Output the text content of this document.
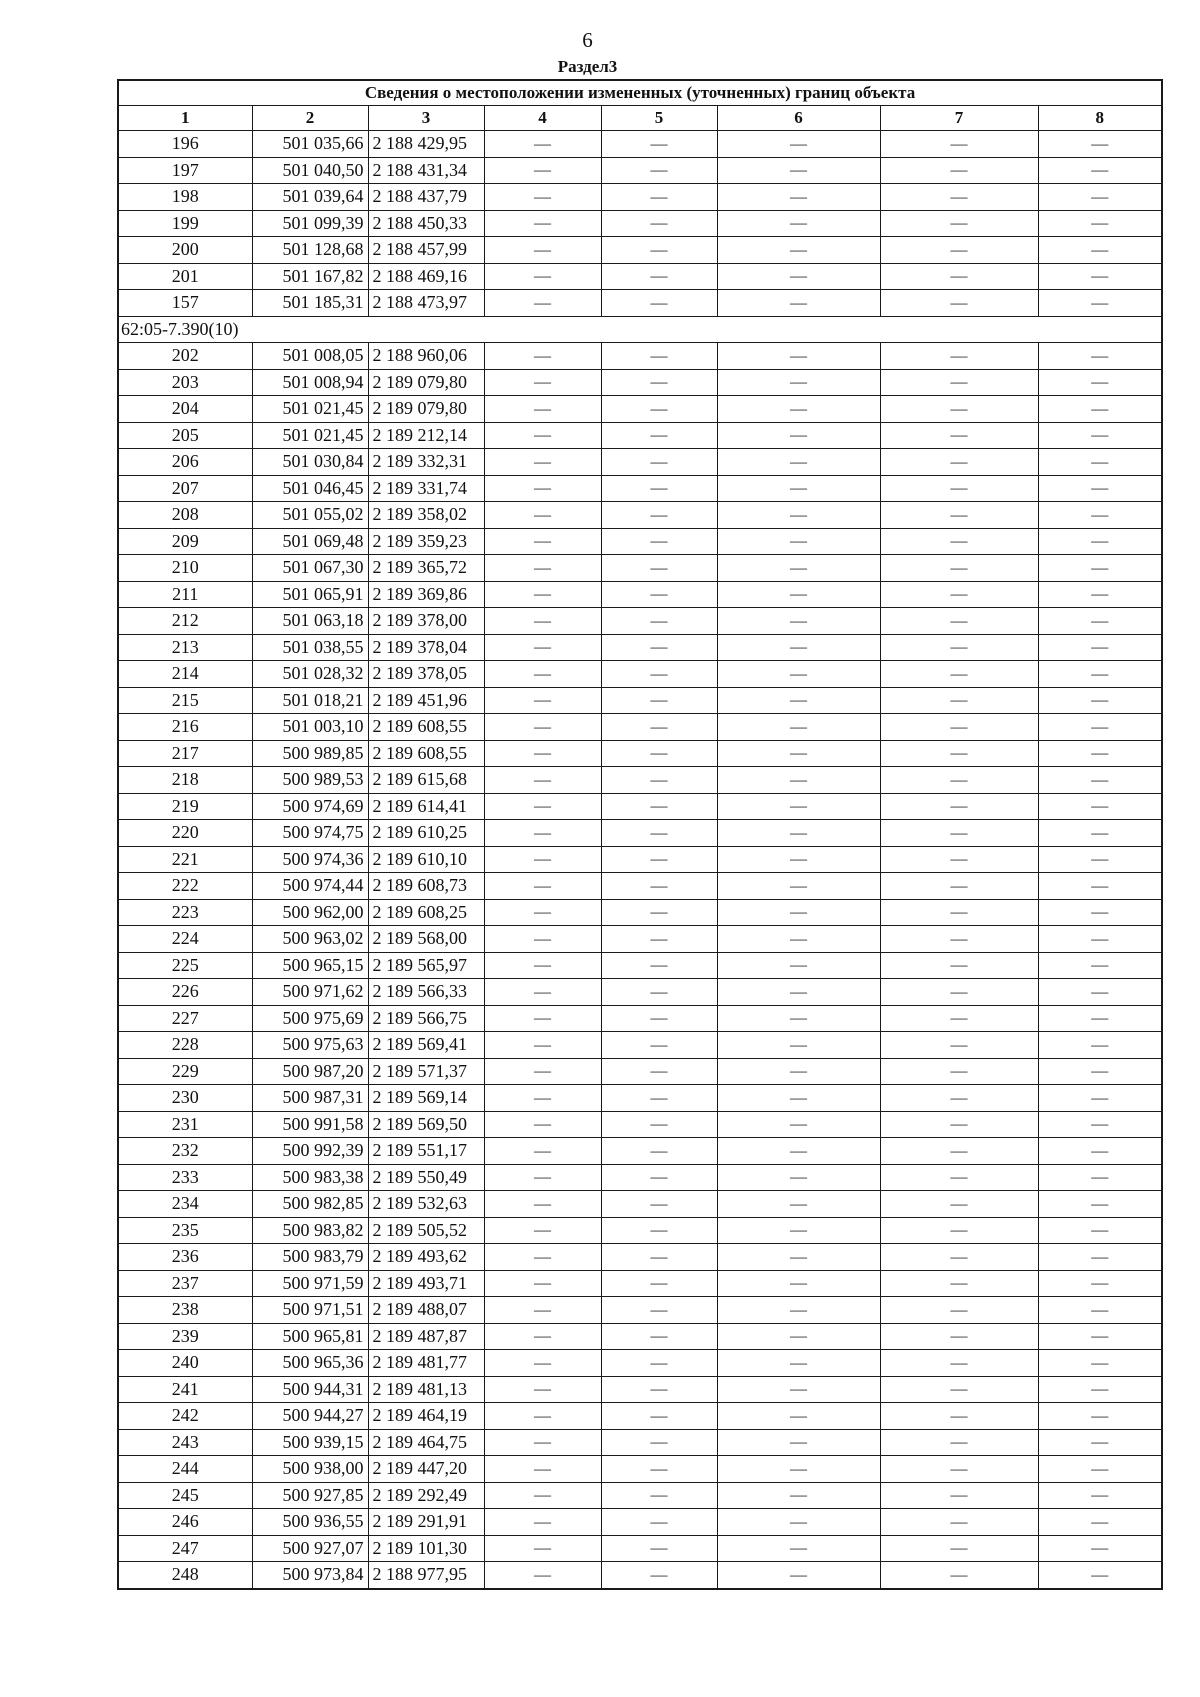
6
Раздел3
Сведения о местоположении измененных (уточненных) границ объекта							
1	2	3	4	5	6	7	8
196	501 035,66	2 188 429,95	—	—	—	—	—
197	501 040,50	2 188 431,34	—	—	—	—	—
198	501 039,64	2 188 437,79	—	—	—	—	—
199	501 099,39	2 188 450,33	—	—	—	—	—
200	501 128,68	2 188 457,99	—	—	—	—	—
201	501 167,82	2 188 469,16	—	—	—	—	—
157	501 185,31	2 188 473,97	—	—	—	—	—
62:05-7.390(10)							
202	501 008,05	2 188 960,06	—	—	—	—	—
203	501 008,94	2 189 079,80	—	—	—	—	—
204	501 021,45	2 189 079,80	—	—	—	—	—
205	501 021,45	2 189 212,14	—	—	—	—	—
206	501 030,84	2 189 332,31	—	—	—	—	—
207	501 046,45	2 189 331,74	—	—	—	—	—
208	501 055,02	2 189 358,02	—	—	—	—	—
209	501 069,48	2 189 359,23	—	—	—	—	—
210	501 067,30	2 189 365,72	—	—	—	—	—
211	501 065,91	2 189 369,86	—	—	—	—	—
212	501 063,18	2 189 378,00	—	—	—	—	—
213	501 038,55	2 189 378,04	—	—	—	—	—
214	501 028,32	2 189 378,05	—	—	—	—	—
215	501 018,21	2 189 451,96	—	—	—	—	—
216	501 003,10	2 189 608,55	—	—	—	—	—
217	500 989,85	2 189 608,55	—	—	—	—	—
218	500 989,53	2 189 615,68	—	—	—	—	—
219	500 974,69	2 189 614,41	—	—	—	—	—
220	500 974,75	2 189 610,25	—	—	—	—	—
221	500 974,36	2 189 610,10	—	—	—	—	—
222	500 974,44	2 189 608,73	—	—	—	—	—
223	500 962,00	2 189 608,25	—	—	—	—	—
224	500 963,02	2 189 568,00	—	—	—	—	—
225	500 965,15	2 189 565,97	—	—	—	—	—
226	500 971,62	2 189 566,33	—	—	—	—	—
227	500 975,69	2 189 566,75	—	—	—	—	—
228	500 975,63	2 189 569,41	—	—	—	—	—
229	500 987,20	2 189 571,37	—	—	—	—	—
230	500 987,31	2 189 569,14	—	—	—	—	—
231	500 991,58	2 189 569,50	—	—	—	—	—
232	500 992,39	2 189 551,17	—	—	—	—	—
233	500 983,38	2 189 550,49	—	—	—	—	—
234	500 982,85	2 189 532,63	—	—	—	—	—
235	500 983,82	2 189 505,52	—	—	—	—	—
236	500 983,79	2 189 493,62	—	—	—	—	—
237	500 971,59	2 189 493,71	—	—	—	—	—
238	500 971,51	2 189 488,07	—	—	—	—	—
239	500 965,81	2 189 487,87	—	—	—	—	—
240	500 965,36	2 189 481,77	—	—	—	—	—
241	500 944,31	2 189 481,13	—	—	—	—	—
242	500 944,27	2 189 464,19	—	—	—	—	—
243	500 939,15	2 189 464,75	—	—	—	—	—
244	500 938,00	2 189 447,20	—	—	—	—	—
245	500 927,85	2 189 292,49	—	—	—	—	—
246	500 936,55	2 189 291,91	—	—	—	—	—
247	500 927,07	2 189 101,30	—	—	—	—	—
248	500 973,84	2 188 977,95	—	—	—	—	—
